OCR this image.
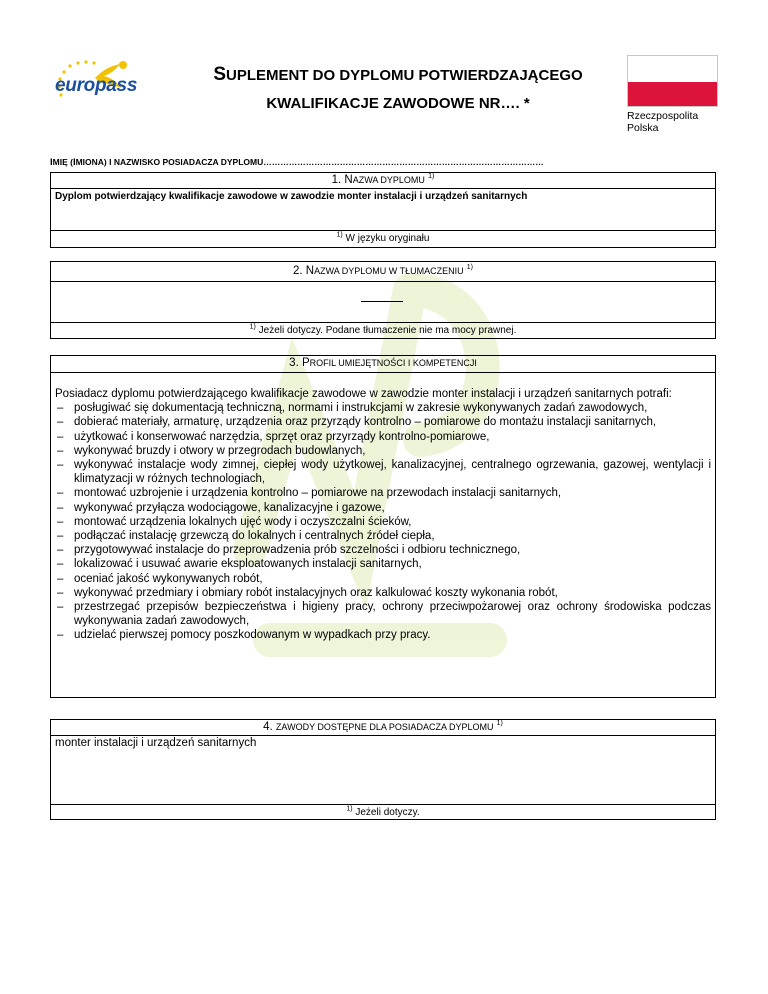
europass
SUPLEMENT DO DYPLOMU POTWIERDZAJĄCEGO
KWALIFIKACJE ZAWODOWE NR…. *
Rzeczpospolita
Polska
IMIĘ (IMIONA) I NAZWISKO POSIADACZA DYPLOMU………………………………………………………………………………………
1. NAZWA DYPLOMU $^{1)}$
Dyplom potwierdzający kwalifikacje zawodowe w zawodzie monter instalacji i urządzeń sanitarnych
$^{1)}$ W języku oryginału
2. NAZWA DYPLOMU W TŁUMACZENIU $^{1)}$
$^{1)}$ Jeżeli dotyczy. Podane tłumaczenie nie ma mocy prawnej.
3. PROFIL UMIEJĘTNOŚCI I KOMPETENCJI
Posiadacz dyplomu potwierdzającego kwalifikacje zawodowe w zawodzie monter instalacji i urządzeń sanitarnych potrafi:
– posługiwać się dokumentacją techniczną, normami i instrukcjami w zakresie wykonywanych zadań zawodowych,
– dobierać materiały, armaturę, urządzenia oraz przyrządy kontrolno – pomiarowe do montażu instalacji sanitarnych,
– użytkować i konserwować narzędzia, sprzęt oraz przyrządy kontrolno-pomiarowe,
– wykonywać bruzdy i otwory w przegrodach budowlanych,
– wykonywać instalacje wody zimnej, ciepłej wody użytkowej, kanalizacyjnej, centralnego ogrzewania, gazowej, wentylacji i klimatyzacji w różnych technologiach,
– montować uzbrojenie i urządzenia kontrolno – pomiarowe na przewodach instalacji sanitarnych,
– wykonywać przyłącza wodociągowe, kanalizacyjne i gazowe,
– montować urządzenia lokalnych ujęć wody i oczyszczalni ścieków,
– podłączać instalację grzewczą do lokalnych i centralnych źródeł ciepła,
– przygotowywać instalacje do przeprowadzenia prób szczelności i odbioru technicznego,
– lokalizować i usuwać awarie eksploatowanych instalacji sanitarnych,
– oceniać jakość wykonywanych robót,
– wykonywać przedmiary i obmiary robót instalacyjnych oraz kalkulować koszty wykonania robót,
– przestrzegać przepisów bezpieczeństwa i higieny pracy, ochrony przeciwpożarowej oraz ochrony środowiska podczas wykonywania zadań zawodowych,
– udzielać pierwszej pomocy poszkodowanym w wypadkach przy pracy.
4. ZAWODY DOSTĘPNE DLA POSIADACZA DYPLOMU $^{1)}$
monter instalacji i urządzeń sanitarnych
$^{1)}$ Jeżeli dotyczy.
